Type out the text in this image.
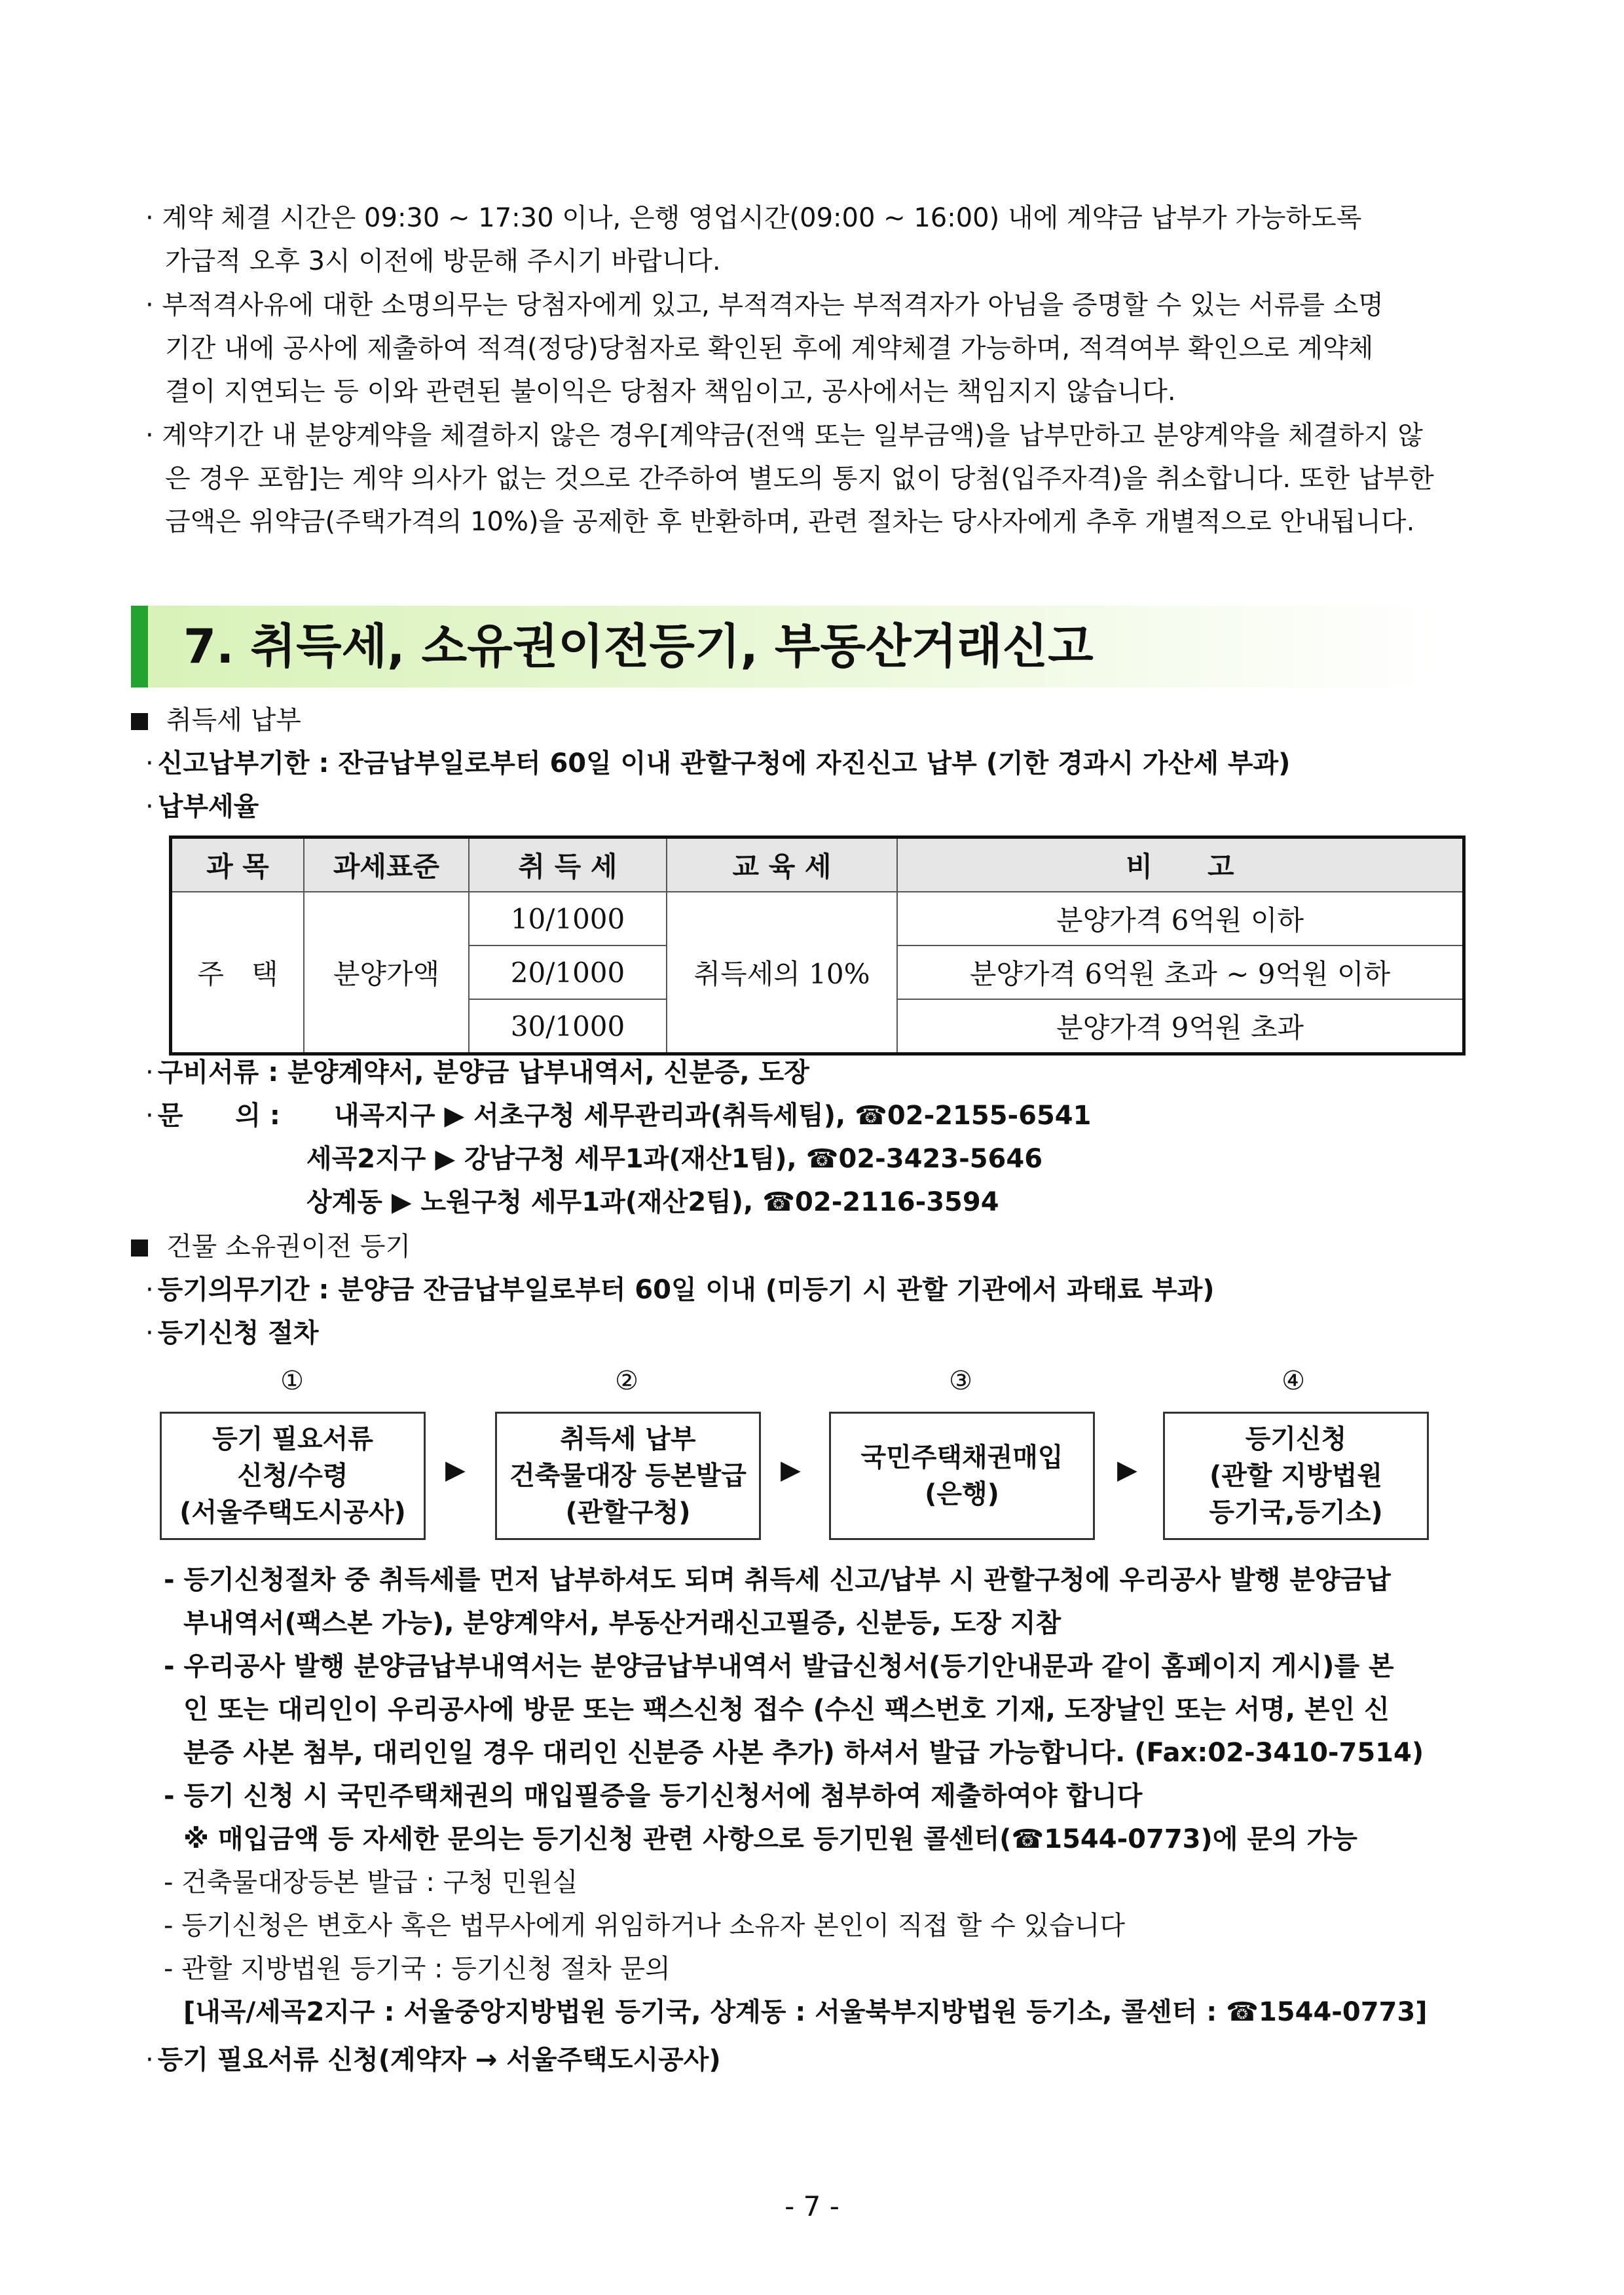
· 계약 체결 시간은 09:30 ~ 17:30 이나, 은행 영업시간(09:00 ~ 16:00) 내에 계약금 납부가 가능하도록
가급적 오후 3시 이전에 방문해 주시기 바랍니다.
· 부적격사유에 대한 소명의무는 당첨자에게 있고, 부적격자는 부적격자가 아님을 증명할 수 있는 서류를 소명
기간 내에 공사에 제출하여 적격(정당)당첨자로 확인된 후에 계약체결 가능하며, 적격여부 확인으로 계약체
결이 지연되는 등 이와 관련된 불이익은 당첨자 책임이고, 공사에서는 책임지지 않습니다.
· 계약기간 내 분양계약을 체결하지 않은 경우[계약금(전액 또는 일부금액)을 납부만하고 분양계약을 체결하지 않
은 경우 포함]는 계약 의사가 없는 것으로 간주하여 별도의 통지 없이 당첨(입주자격)을 취소합니다. 또한 납부한
금액은 위약금(주택가격의 10%)을 공제한 후 반환하며, 관련 절차는 당사자에게 추후 개별적으로 안내됩니다.
7. 취득세, 소유권이전등기, 부동산거래신고
취득세 납부
· 신고납부기한 : 잔금납부일로부터 60일 이내 관할구청에 자진신고 납부 (기한 경과시 가산세 부과)
· 납부세율
과 목	과세표준	취 득 세	교 육 세	비　　고
주　택	분양가액	10/1000	취득세의 10%	분양가격 6억원 이하
		20/1000		분양가격 6억원 초과 ~ 9억원 이하
		30/1000		분양가격 9억원 초과
· 구비서류 : 분양계약서, 분양금 납부내역서, 신분증, 도장
· 문　　의 : 내곡지구 ▶ 서초구청 세무관리과(취득세팀), ☎02-2155-6541
세곡2지구 ▶ 강남구청 세무1과(재산1팀), ☎02-3423-5646
상계동 ▶ 노원구청 세무1과(재산2팀), ☎02-2116-3594
건물 소유권이전 등기
· 등기의무기간 : 분양금 잔금납부일로부터 60일 이내 (미등기 시 관할 기관에서 과태료 부과)
· 등기신청 절차
①	②	③	④
등기 필요서류
신청/수령
(서울주택도시공사)
▶
취득세 납부
건축물대장 등본발급
(관할구청)
▶ 국민주택채권매입
(은행)
▶
등기신청
(관할 지방법원
등기국,등기소)
- 등기신청절차 중 취득세를 먼저 납부하셔도 되며 취득세 신고/납부 시 관할구청에 우리공사 발행 분양금납
부내역서(팩스본 가능), 분양계약서, 부동산거래신고필증, 신분등, 도장 지참
- 우리공사 발행 분양금납부내역서는 분양금납부내역서 발급신청서(등기안내문과 같이 홈페이지 게시)를 본
인 또는 대리인이 우리공사에 방문 또는 팩스신청 접수 (수신 팩스번호 기재, 도장날인 또는 서명, 본인 신
분증 사본 첨부, 대리인일 경우 대리인 신분증 사본 추가) 하셔서 발급 가능합니다. (Fax:02-3410-7514)
- 등기 신청 시 국민주택채권의 매입필증을 등기신청서에 첨부하여 제출하여야 합니다
※ 매입금액 등 자세한 문의는 등기신청 관련 사항으로 등기민원 콜센터(☎1544-0773)에 문의 가능
- 건축물대장등본 발급 : 구청 민원실
- 등기신청은 변호사 혹은 법무사에게 위임하거나 소유자 본인이 직접 할 수 있습니다
- 관할 지방법원 등기국 : 등기신청 절차 문의
[내곡/세곡2지구 : 서울중앙지방법원 등기국, 상계동 : 서울북부지방법원 등기소, 콜센터 : ☎1544-0773]
· 등기 필요서류 신청(계약자 → 서울주택도시공사)
- 7 -
